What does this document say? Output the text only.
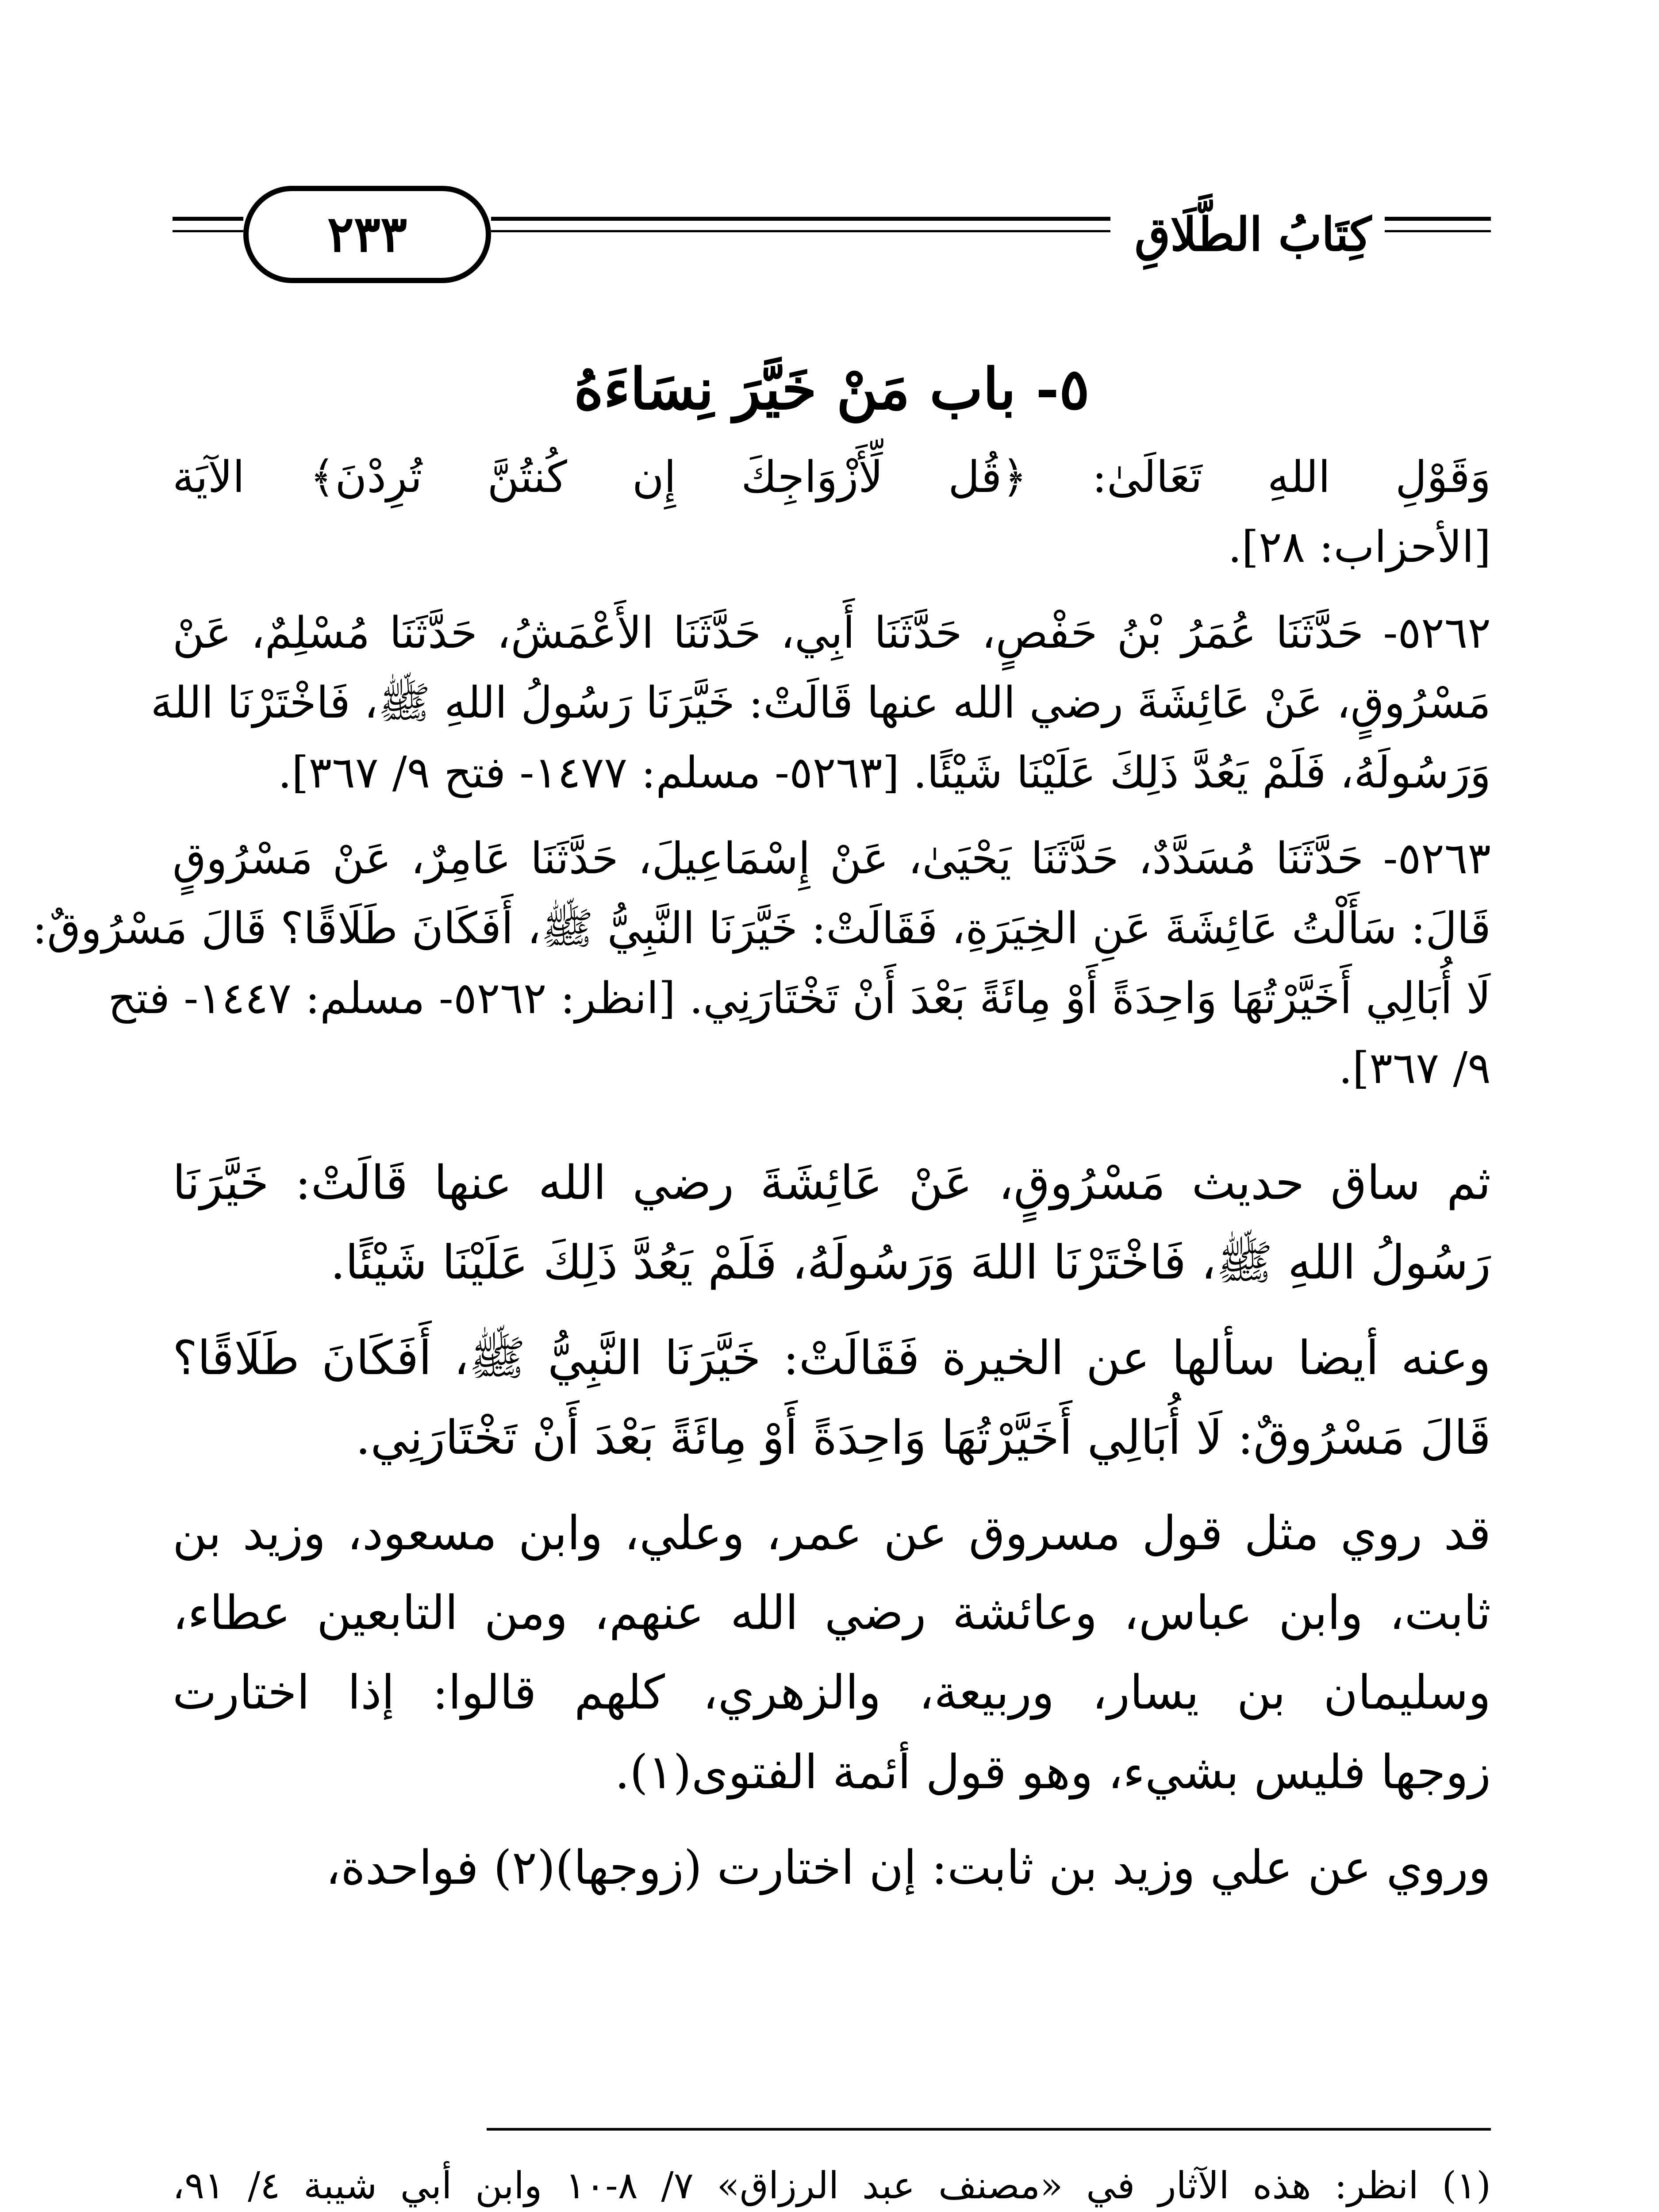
كِتَابُ الطَّلَاقِ
٢٣٣
٥- باب مَنْ خَيَّرَ نِسَاءَهُ
وَقَوْلِ اللهِ تَعَالَىٰ: ﴿قُل لِّأَزْوَاجِكَ إِن كُنتُنَّ تُرِدْنَ﴾ الآيَة
[الأحزاب: ٢٨].
٥٢٦٢- حَدَّثَنَا عُمَرُ بْنُ حَفْصٍ، حَدَّثَنَا أَبِي، حَدَّثَنَا الأَعْمَشُ، حَدَّثَنَا مُسْلِمٌ، عَنْ
مَسْرُوقٍ، عَنْ عَائِشَةَ رضي الله عنها قَالَتْ: خَيَّرَنَا رَسُولُ اللهِ ﷺ، فَاخْتَرْنَا اللهَ
وَرَسُولَهُ، فَلَمْ يَعُدَّ ذَلِكَ عَلَيْنَا شَيْئًا. [٥٢٦٣- مسلم: ١٤٧٧- فتح ٩/ ٣٦٧].
٥٢٦٣- حَدَّثَنَا مُسَدَّدٌ، حَدَّثَنَا يَحْيَىٰ، عَنْ إِسْمَاعِيلَ، حَدَّثَنَا عَامِرٌ، عَنْ مَسْرُوقٍ
قَالَ: سَأَلْتُ عَائِشَةَ عَنِ الخِيَرَةِ، فَقَالَتْ: خَيَّرَنَا النَّبِيُّ ﷺ، أَفَكَانَ طَلَاقًا؟ قَالَ مَسْرُوقٌ:
لَا أُبَالِي أَخَيَّرْتُهَا وَاحِدَةً أَوْ مِائَةً بَعْدَ أَنْ تَخْتَارَنِي. [انظر: ٥٢٦٢- مسلم: ١٤٤٧- فتح
٩/ ٣٦٧].
ثم ساق حديث مَسْرُوقٍ، عَنْ عَائِشَةَ رضي الله عنها قَالَتْ: خَيَّرَنَا
رَسُولُ اللهِ ﷺ، فَاخْتَرْنَا اللهَ وَرَسُولَهُ، فَلَمْ يَعُدَّ ذَلِكَ عَلَيْنَا شَيْئًا.
وعنه أيضا سألها عن الخيرة فَقَالَتْ: خَيَّرَنَا النَّبِيُّ ﷺ، أَفَكَانَ طَلَاقًا؟
قَالَ مَسْرُوقٌ: لَا أُبَالِي أَخَيَّرْتُهَا وَاحِدَةً أَوْ مِائَةً بَعْدَ أَنْ تَخْتَارَنِي.
قد روي مثل قول مسروق عن عمر، وعلي، وابن مسعود، وزيد بن
ثابت، وابن عباس، وعائشة رضي الله عنهم، ومن التابعين عطاء،
وسليمان بن يسار، وربيعة، والزهري، كلهم قالوا: إذا اختارت
زوجها فليس بشيء، وهو قول أئمة الفتوى(١).
وروي عن علي وزيد بن ثابت: إن اختارت (زوجها)(٢) فواحدة،
(١) انظر: هذه الآثار في «مصنف عبد الرزاق» ٧/ ٨-١٠ وابن أبي شيبة ٤/ ٩١،
